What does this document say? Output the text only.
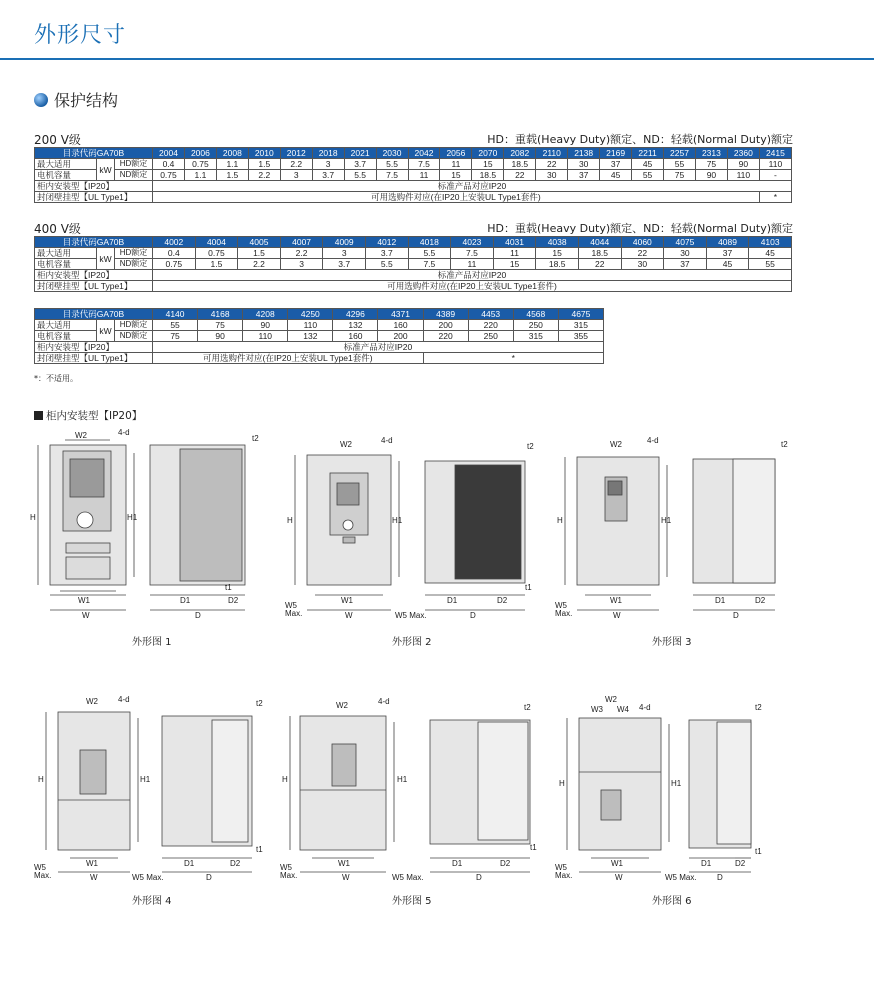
外形尺寸
保护结构
200 V级	HD：重载(Heavy Duty)额定、ND：轻载(Normal Duty)额定
目录代码GA70B			2004	2006	2008	2010	2012	2018	2021	2030	2042	2056	2070	2082	2110	2138	2169	2211	2257	2313	2360	2415
最大适用	kW	HD额定	0.4	0.75	1.1	1.5	2.2	3	3.7	5.5	7.5	11	15	18.5	22	30	37	45	55	75	90	110
电机容量		ND额定	0.75	1.1	1.5	2.2	3	3.7	5.5	7.5	11	15	18.5	22	30	37	45	55	75	90	110	-
柜内安装型【IP20】			标准产品对应IP20																			
封闭壁挂型【UL Type1】			可用选购件对应(在IP20上安装UL Type1套件)																			*
400 V级	HD：重载(Heavy Duty)额定、ND：轻载(Normal Duty)额定
目录代码GA70B			4002	4004	4005	4007	4009	4012	4018	4023	4031	4038	4044	4060	4075	4089	4103
最大适用	kW	HD额定	0.4	0.75	1.5	2.2	3	3.7	5.5	7.5	11	15	18.5	22	30	37	45
电机容量		ND额定	0.75	1.5	2.2	3	3.7	5.5	7.5	11	15	18.5	22	30	37	45	55
柜内安装型【IP20】			标准产品对应IP20														
封闭壁挂型【UL Type1】			可用选购件对应(在IP20上安装UL Type1套件)														
目录代码GA70B			4140	4168	4208	4250	4296	4371	4389	4453	4568	4675
最大适用	kW	HD额定	55	75	90	110	132	160	200	220	250	315
电机容量		ND额定	75	90	110	132	160	200	220	250	315	355
柜内安装型【IP20】			标准产品对应IP20									
封闭壁挂型【UL Type1】			可用选购件对应(在IP20上安装UL Type1套件)						*			
*：不适用。
柜内安装型【IP20】
W2	4-d
H	H1
W1
W
D1	D2
D
t2
t1
外形图 1
W2	4-d
H	H1
W1
W
W5
Max.	W5 Max.
D1	D2
D
t2
t1
外形图 2
W2	4-d
H	H1
W1
W
W5
Max.
D1	D2
D
t2
外形图 3
W2	4-d
H	H1
W1
W
W5
Max.	W5 Max.
D1	D2
D
t2
t1
外形图 4
W2	4-d
H	H1
W1
W
W5
Max.	W5 Max.
D1	D2
D
t2
t1
外形图 5
W2
W3 W4 4-d
H	H1
W1
W
W5
Max.	W5 Max.
D1	D2
D
t2
t1
外形图 6
